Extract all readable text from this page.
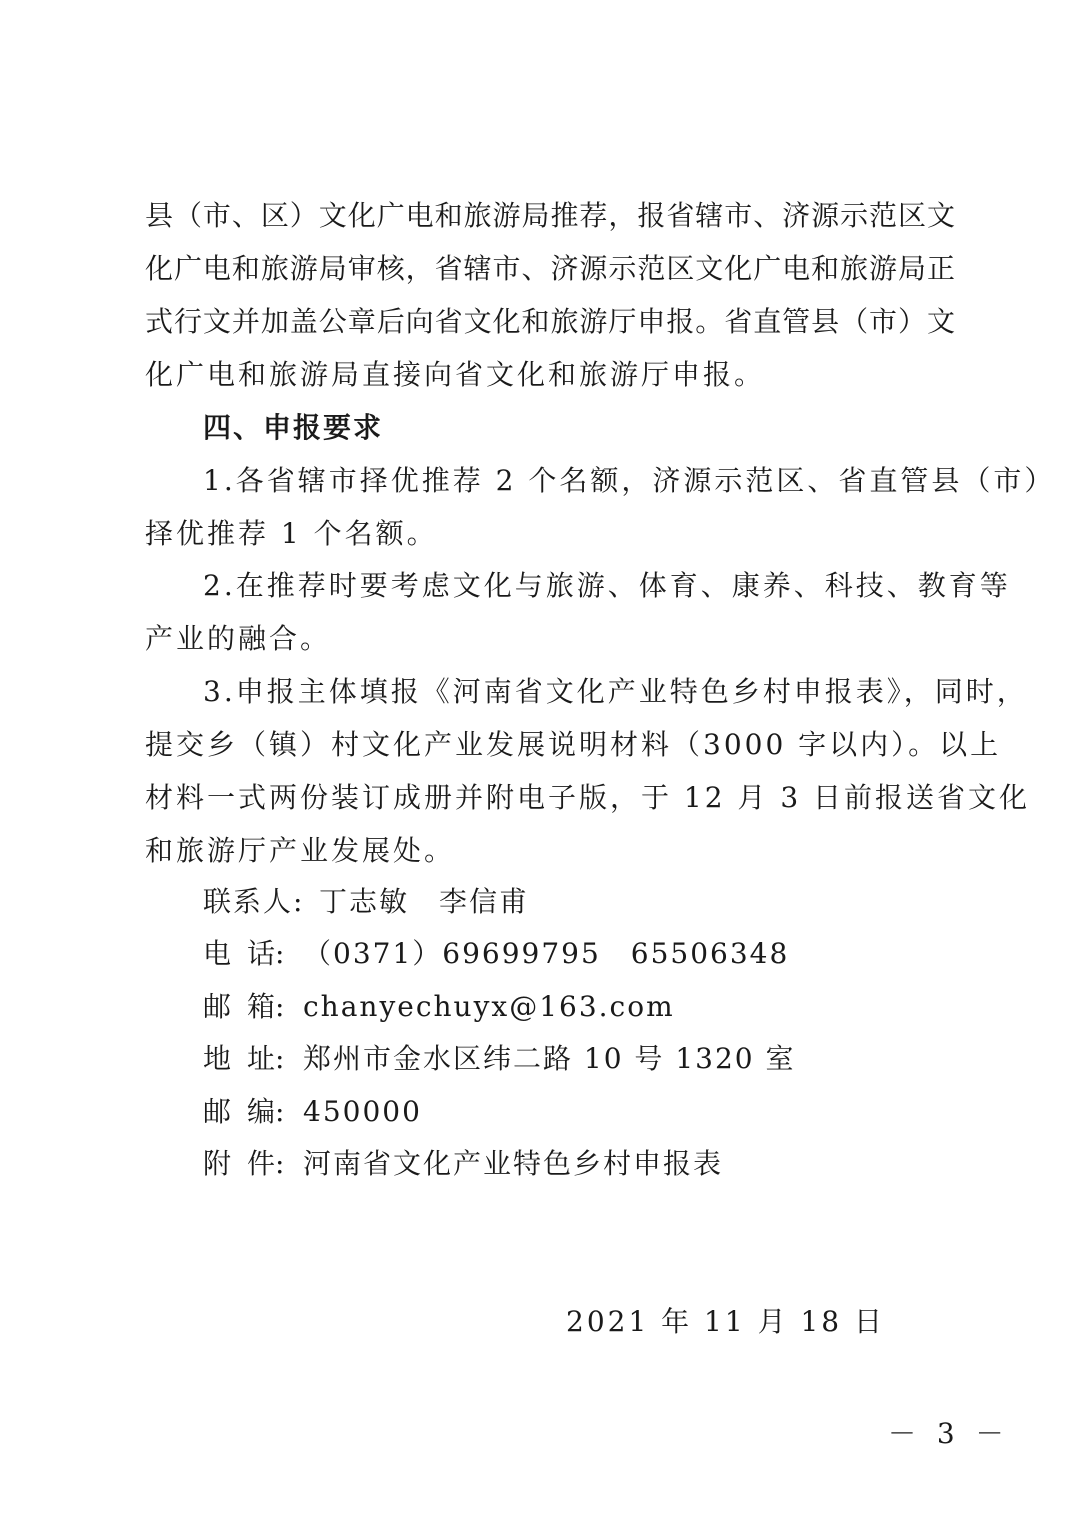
县（市、区）文化广电和旅游局推荐，报省辖市、济源示范区文
化广电和旅游局审核，省辖市、济源示范区文化广电和旅游局正
式行文并加盖公章后向省文化和旅游厅申报。省直管县（市）文
化广电和旅游局直接向省文化和旅游厅申报。
四、申报要求
1.各省辖市择优推荐 2 个名额，济源示范区、省直管县（市）
择优推荐 1 个名额。
2.在推荐时要考虑文化与旅游、体育、康养、科技、教育等
产业的融合。
3.申报主体填报《河南省文化产业特色乡村申报表》，同时，
提交乡（镇）村文化产业发展说明材料（3000 字以内）。以上
材料一式两份装订成册并附电子版，于 12 月 3 日前报送省文化
和旅游厅产业发展处。
联系人: 丁志敏 李信甫
电 话: （0371）69699795 65506348
邮 箱: chanyechuyx@163.com
地 址: 郑州市金水区纬二路 10 号 1320 室
邮 编: 450000
附 件: 河南省文化产业特色乡村申报表
2021 年 11 月 18 日
－ 3 －
